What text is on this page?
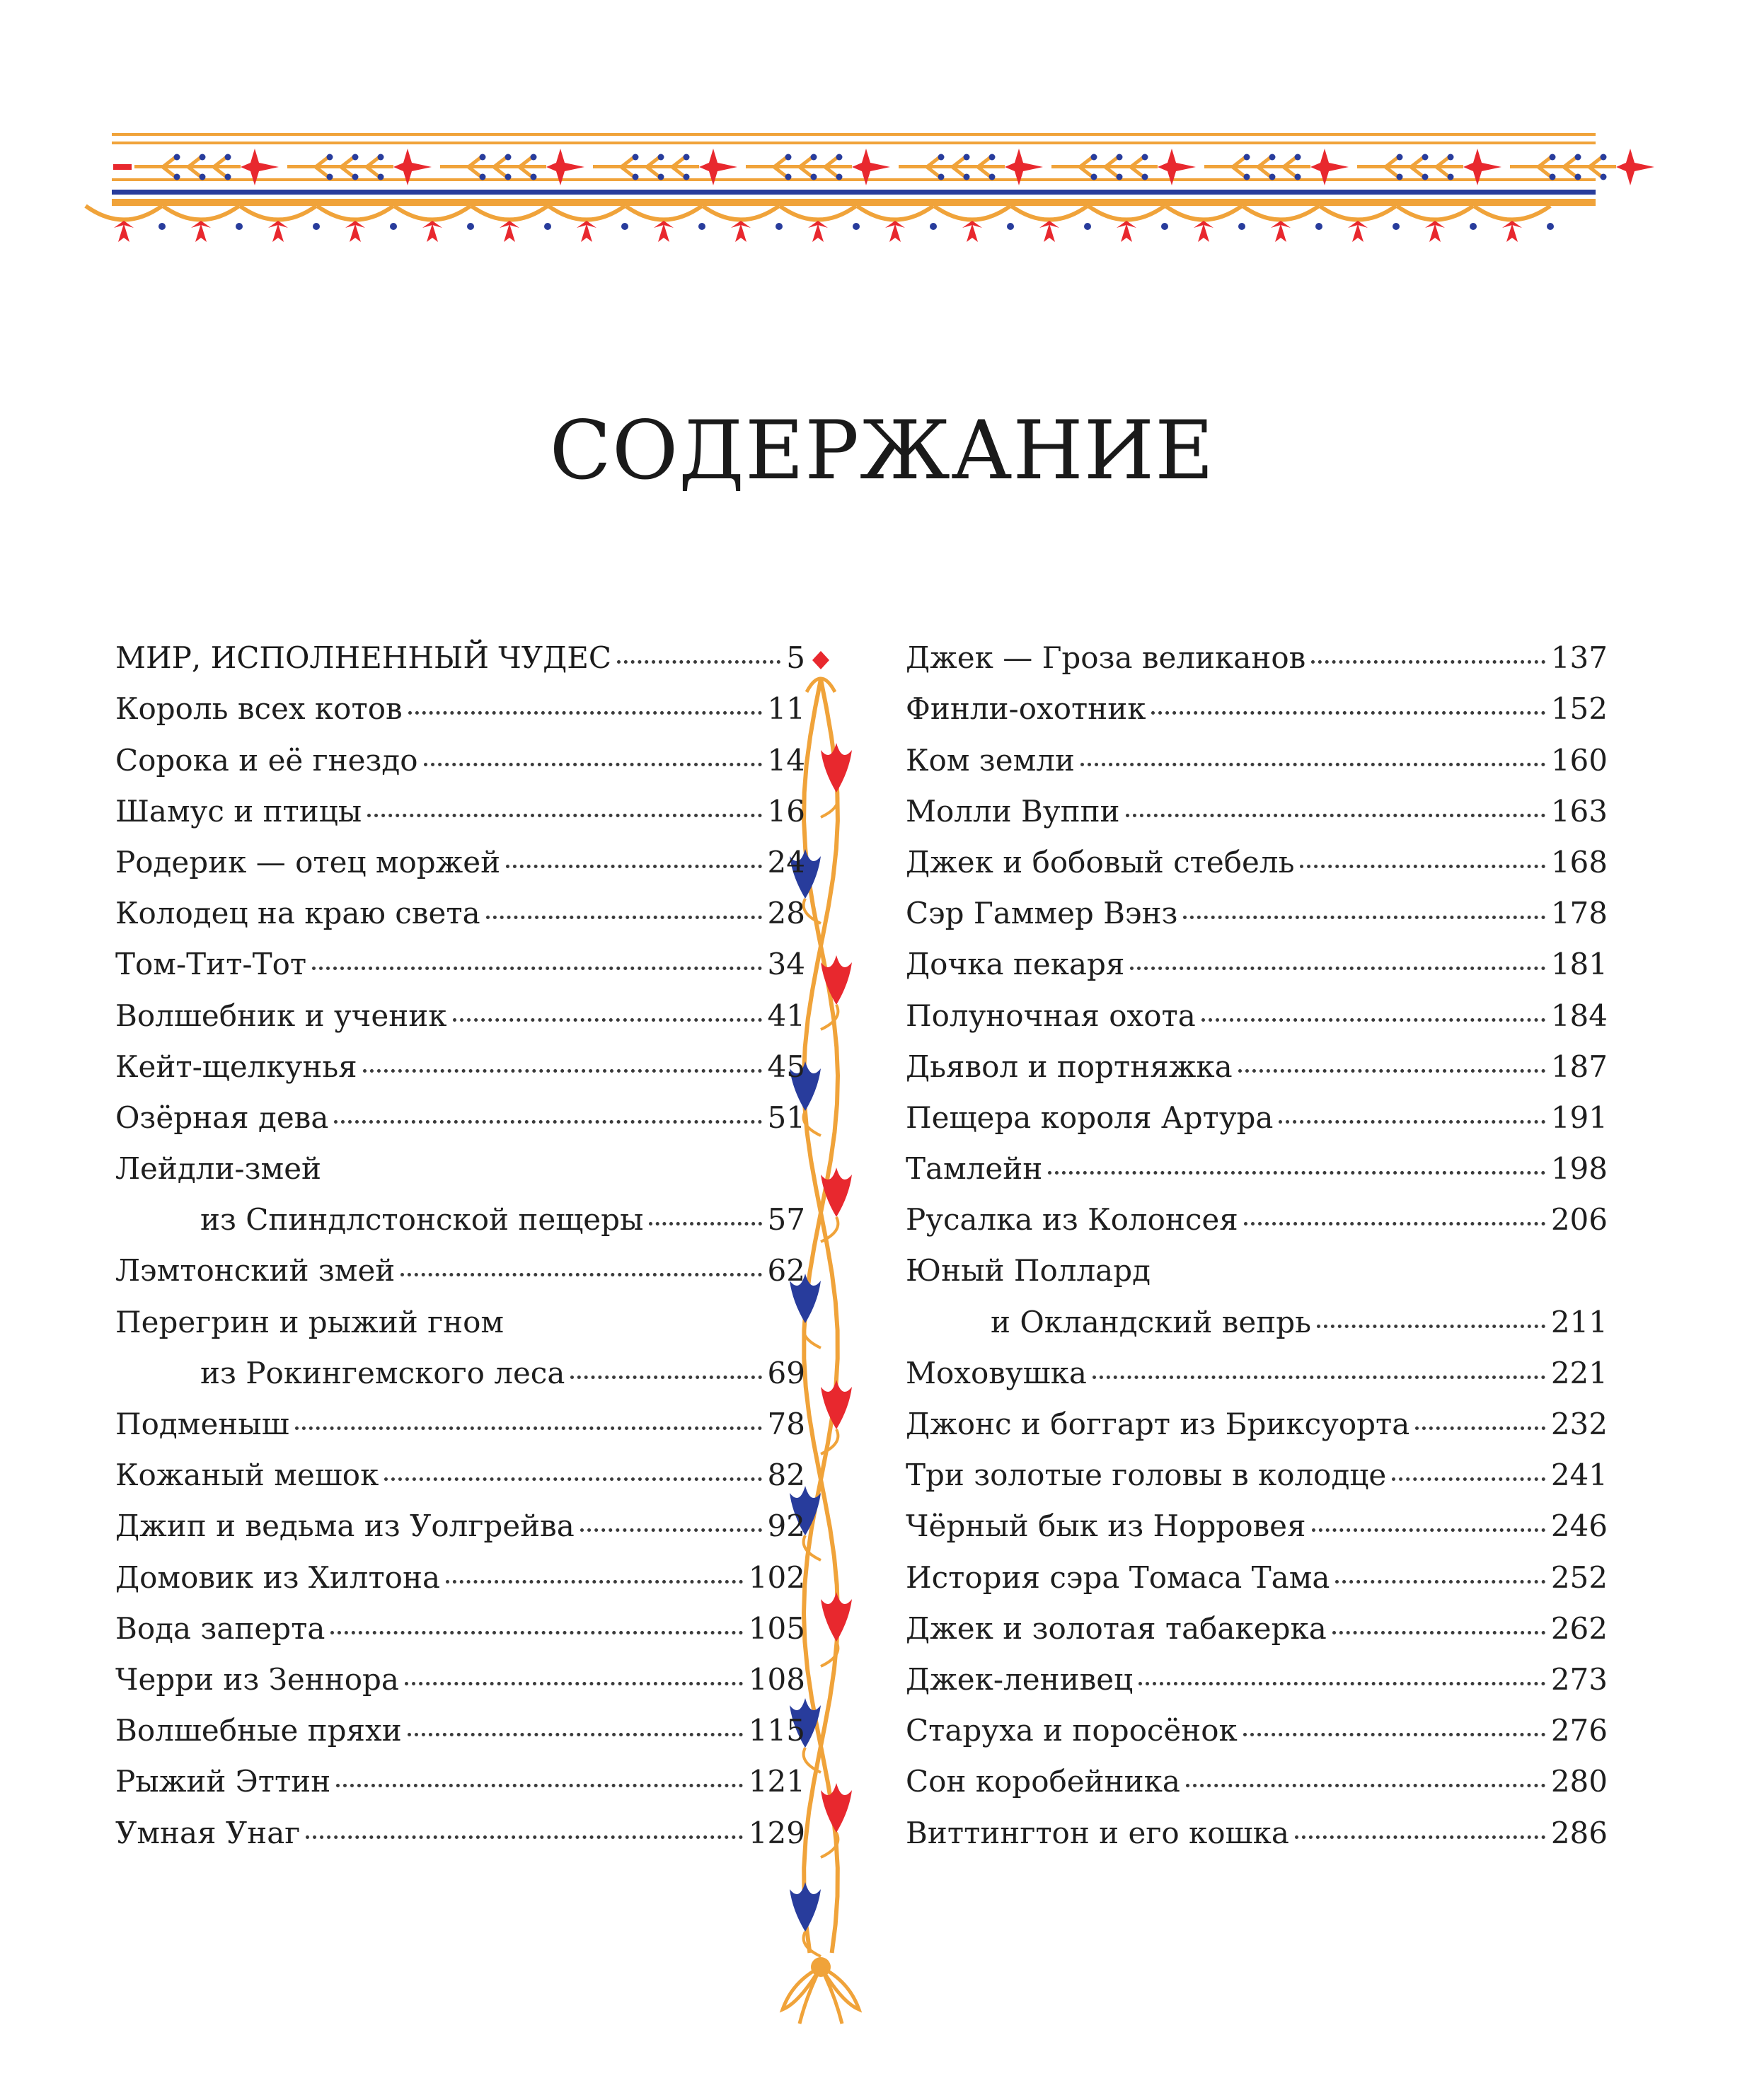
СОДЕРЖАНИЕ
МИР, ИСПОЛНЕННЫЙ ЧУДЕС	5
Король всех котов	11
Сорока и её гнездо	14
Шамус и птицы	16
Родерик — отец моржей	24
Колодец на краю света	28
Том-Тит-Тот	34
Волшебник и ученик	41
Кейт-щелкунья	45
Озёрная дева	51
Лейдли-змей
из Спиндлстонской пещеры	57
Лэмтонский змей	62
Перегрин и рыжий гном
из Рокингемского леса	69
Подменыш	78
Кожаный мешок	82
Джип и ведьма из Уолгрейва	92
Домовик из Хилтона	102
Вода заперта	105
Черри из Зеннора	108
Волшебные пряхи	115
Рыжий Эттин	121
Умная Унаг	129
Джек — Гроза великанов	137
Финли-охотник	152
Ком земли	160
Молли Вуппи	163
Джек и бобовый стебель	168
Сэр Гаммер Вэнз	178
Дочка пекаря	181
Полуночная охота	184
Дьявол и портняжка	187
Пещера короля Артура	191
Тамлейн	198
Русалка из Колонсея	206
Юный Поллард
и Окландский вепрь	211
Моховушка	221
Джонс и боггарт из Бриксуорта	232
Три золотые головы в колодце	241
Чёрный бык из Норровея	246
История сэра Томаса Тама	252
Джек и золотая табакерка	262
Джек-ленивец	273
Старуха и поросёнок	276
Сон коробейника	280
Виттингтон и его кошка	286
